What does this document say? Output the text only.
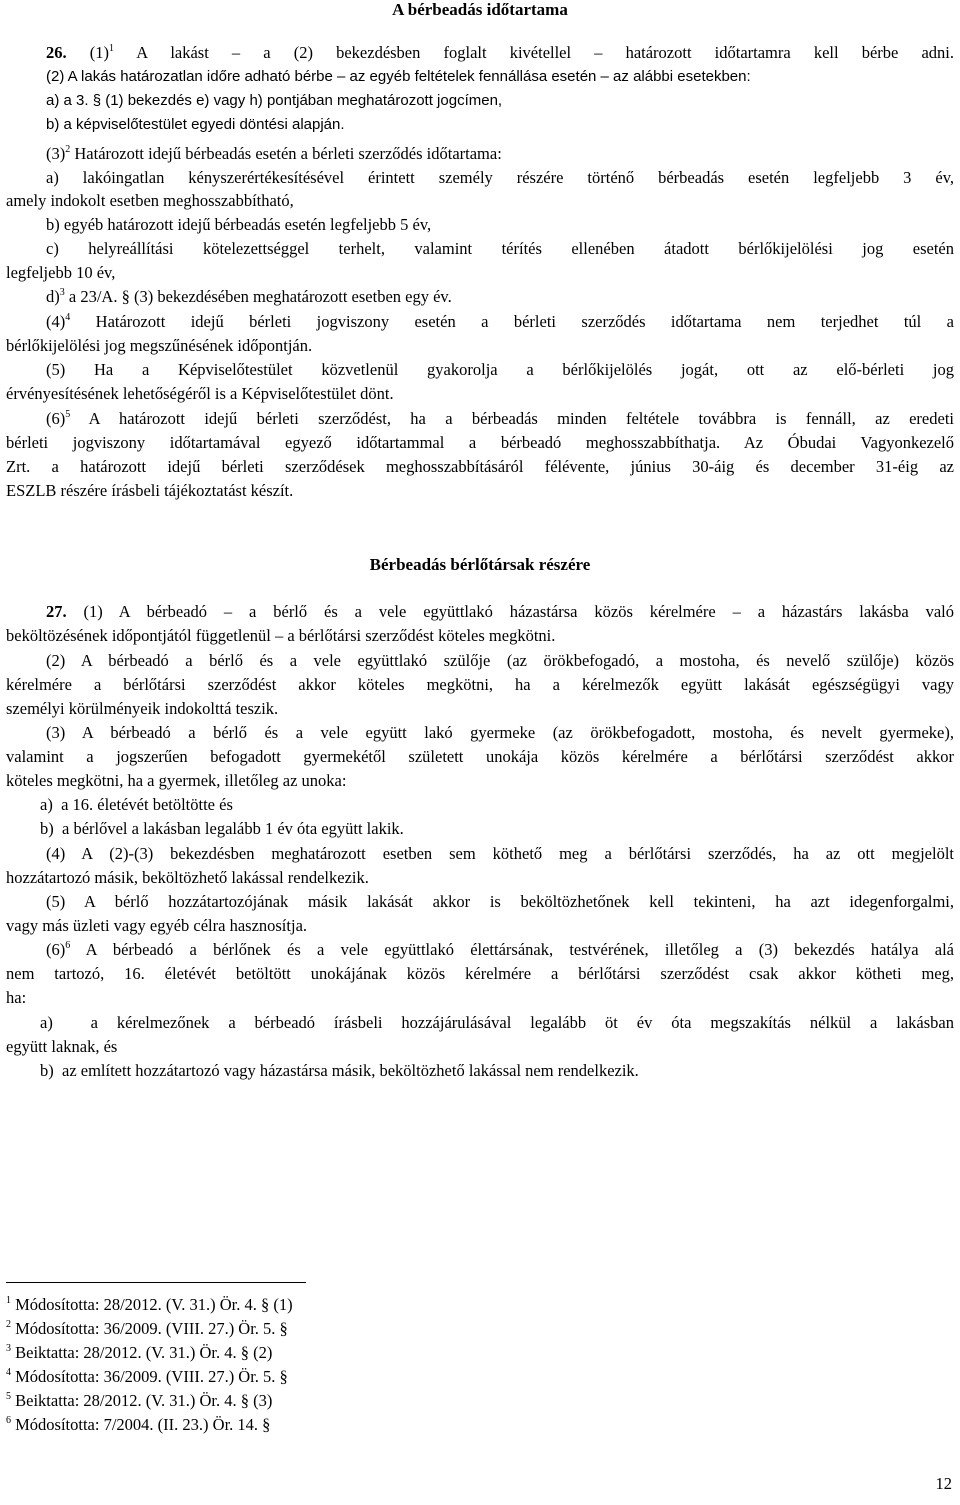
A bérbeadás időtartama
26. $(1)^1$ A lakást – a (2) bekezdésben foglalt kivétellel – határozott időtartamra kell bérbe adni.
(2) A lakás határozatlan időre adható bérbe – az egyéb feltételek fennállása esetén – az alábbi esetekben:
a) a 3. § (1) bekezdés e) vagy h) pontjában meghatározott jogcímen,
b) a képviselőtestület egyedi döntési alapján.
$(3)^2$ Határozott idejű bérbeadás esetén a bérleti szerződés időtartama:
a) lakóingatlan kényszerértékesítésével érintett személy részére történő bérbeadás esetén legfeljebb 3 év,
amely indokolt esetben meghosszabbítható,
b) egyéb határozott idejű bérbeadás esetén legfeljebb 5 év,
c) helyreállítási kötelezettséggel terhelt, valamint térítés ellenében átadott bérlőkijelölési jog esetén
legfeljebb 10 év,
d)$^3$ a 23/A. § (3) bekezdésében meghatározott esetben egy év.
$(4)^4$ Határozott idejű bérleti jogviszony esetén a bérleti szerződés időtartama nem terjedhet túl a
bérlőkijelölési jog megszűnésének időpontján.
(5) Ha a Képviselőtestület közvetlenül gyakorolja a bérlőkijelölés jogát, ott az elő-bérleti jog
érvényesítésének lehetőségéről is a Képviselőtestület dönt.
$(6)^5$ A határozott idejű bérleti szerződést, ha a bérbeadás minden feltétele továbbra is fennáll, az eredeti
bérleti jogviszony időtartamával egyező időtartammal a bérbeadó meghosszabbíthatja. Az Óbudai Vagyonkezelő
Zrt. a határozott idejű bérleti szerződések meghosszabbításáról félévente, június 30-áig és december 31-éig az
ESZLB részére írásbeli tájékoztatást készít.
Bérbeadás bérlőtársak részére
27. (1) A bérbeadó – a bérlő és a vele együttlakó házastársa közös kérelmére – a házastárs lakásba való
beköltözésének időpontjától függetlenül – a bérlőtársi szerződést köteles megkötni.
(2) A bérbeadó a bérlő és a vele együttlakó szülője (az örökbefogadó, a mostoha, és nevelő szülője) közös
kérelmére a bérlőtársi szerződést akkor köteles megkötni, ha a kérelmezők együtt lakását egészségügyi vagy
személyi körülményeik indokolttá teszik.
(3) A bérbeadó a bérlő és a vele együtt lakó gyermeke (az örökbefogadott, mostoha, és nevelt gyermeke),
valamint a jogszerűen befogadott gyermekétől született unokája közös kérelmére a bérlőtársi szerződést akkor
köteles megkötni, ha a gyermek, illetőleg az unoka:
a)  a 16. életévét betöltötte és
b)  a bérlővel a lakásban legalább 1 év óta együtt lakik.
(4) A (2)-(3) bekezdésben meghatározott esetben sem köthető meg a bérlőtársi szerződés, ha az ott megjelölt
hozzátartozó másik, beköltözhető lakással rendelkezik.
(5) A bérlő hozzátartozójának másik lakását akkor is beköltözhetőnek kell tekinteni, ha azt idegenforgalmi,
vagy más üzleti vagy egyéb célra hasznosítja.
$(6)^6$ A bérbeadó a bérlőnek és a vele együttlakó élettársának, testvérének, illetőleg a (3) bekezdés hatálya alá
nem tartozó, 16. életévét betöltött unokájának közös kérelmére a bérlőtársi szerződést csak akkor kötheti meg,
ha:
a)  a kérelmezőnek a bérbeadó írásbeli hozzájárulásával legalább öt év óta megszakítás nélkül a lakásban
együtt laknak, és
b)  az említett hozzátartozó vagy házastársa másik, beköltözhető lakással nem rendelkezik.
$^1$ Módosította: 28/2012. (V. 31.) Ör. 4. § (1)
$^2$ Módosította: 36/2009. (VIII. 27.) Ör. 5. §
$^3$ Beiktatta: 28/2012. (V. 31.) Ör. 4. § (2)
$^4$ Módosította: 36/2009. (VIII. 27.) Ör. 5. §
$^5$ Beiktatta: 28/2012. (V. 31.) Ör. 4. § (3)
$^6$ Módosította: 7/2004. (II. 23.) Ör. 14. §
12
